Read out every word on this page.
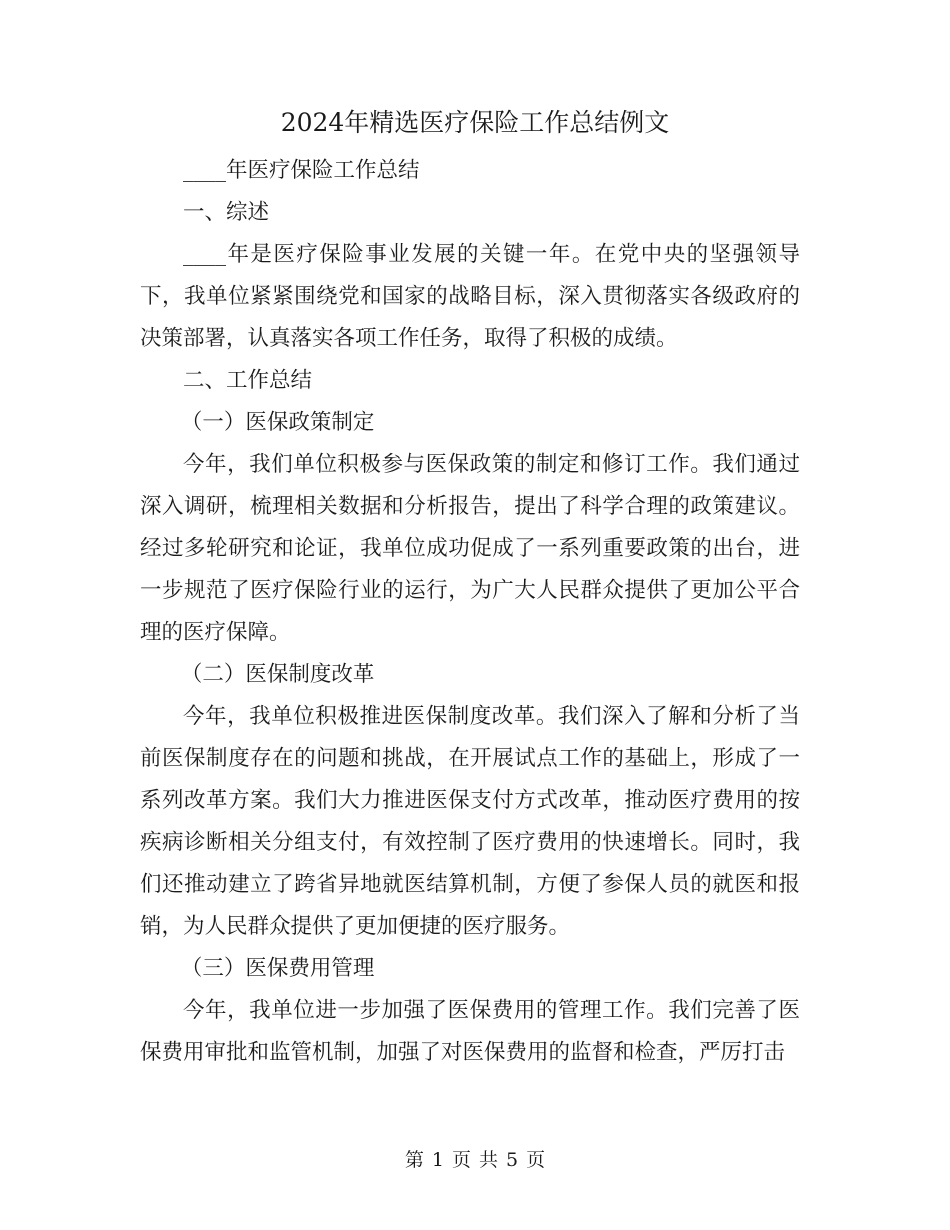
2024年精选医疗保险工作总结例文

____年医疗保险工作总结

一、综述

____年是医疗保险事业发展的关键一年。在党中央的坚强领导下，我单位紧紧围绕党和国家的战略目标，深入贯彻落实各级政府的决策部署，认真落实各项工作任务，取得了积极的成绩。

二、工作总结

（一）医保政策制定

今年，我们单位积极参与医保政策的制定和修订工作。我们通过深入调研，梳理相关数据和分析报告，提出了科学合理的政策建议。经过多轮研究和论证，我单位成功促成了一系列重要政策的出台，进一步规范了医疗保险行业的运行，为广大人民群众提供了更加公平合理的医疗保障。

（二）医保制度改革

今年，我单位积极推进医保制度改革。我们深入了解和分析了当前医保制度存在的问题和挑战，在开展试点工作的基础上，形成了一系列改革方案。我们大力推进医保支付方式改革，推动医疗费用的按疾病诊断相关分组支付，有效控制了医疗费用的快速增长。同时，我们还推动建立了跨省异地就医结算机制，方便了参保人员的就医和报销，为人民群众提供了更加便捷的医疗服务。

（三）医保费用管理

今年，我单位进一步加强了医保费用的管理工作。我们完善了医保费用审批和监管机制，加强了对医保费用的监督和检查，严厉打击

第 1 页 共 5 页
